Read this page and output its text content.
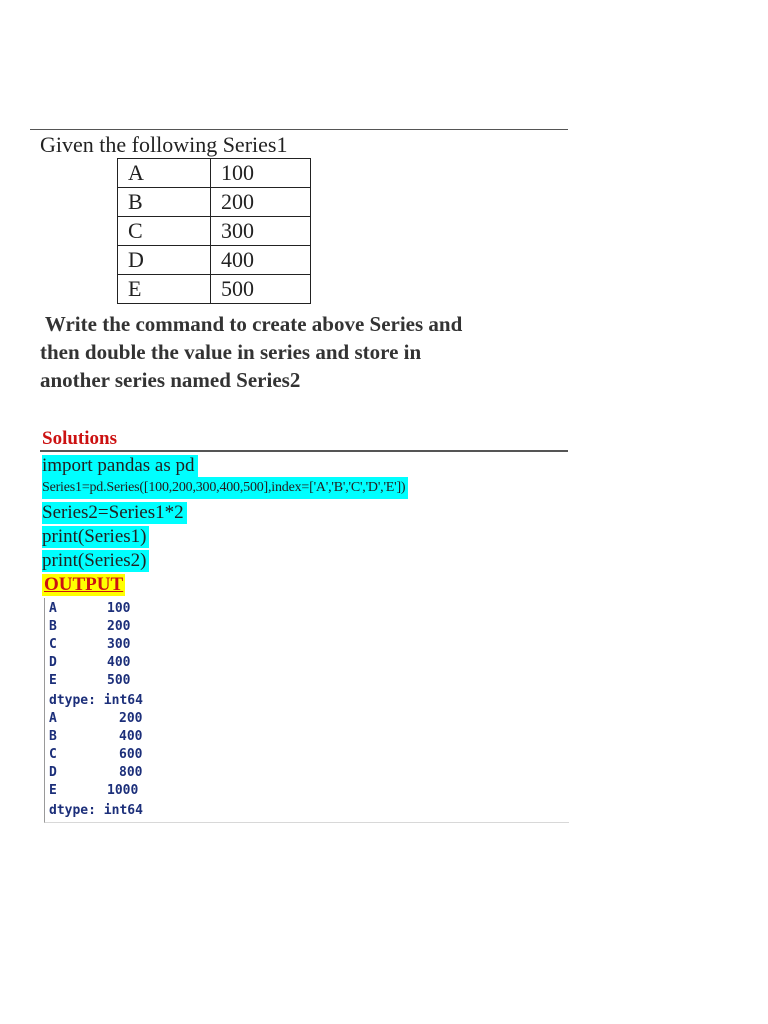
Given the following Series1
A	100
B	200
C	300
D	400
E	500
Write the command to create above Series and
then double the value in series and store in
another series named Series2
Solutions
import pandas as pd
Series1=pd.Series([100,200,300,400,500],index=['A','B','C','D','E'])
Series2=Series1*2
print(Series1)
print(Series2)
OUTPUT
A	100
B	200
C	300
D	400
E	500
dtype: int64
A	200
B	400
C	600
D	800
E	1000
dtype: int64
